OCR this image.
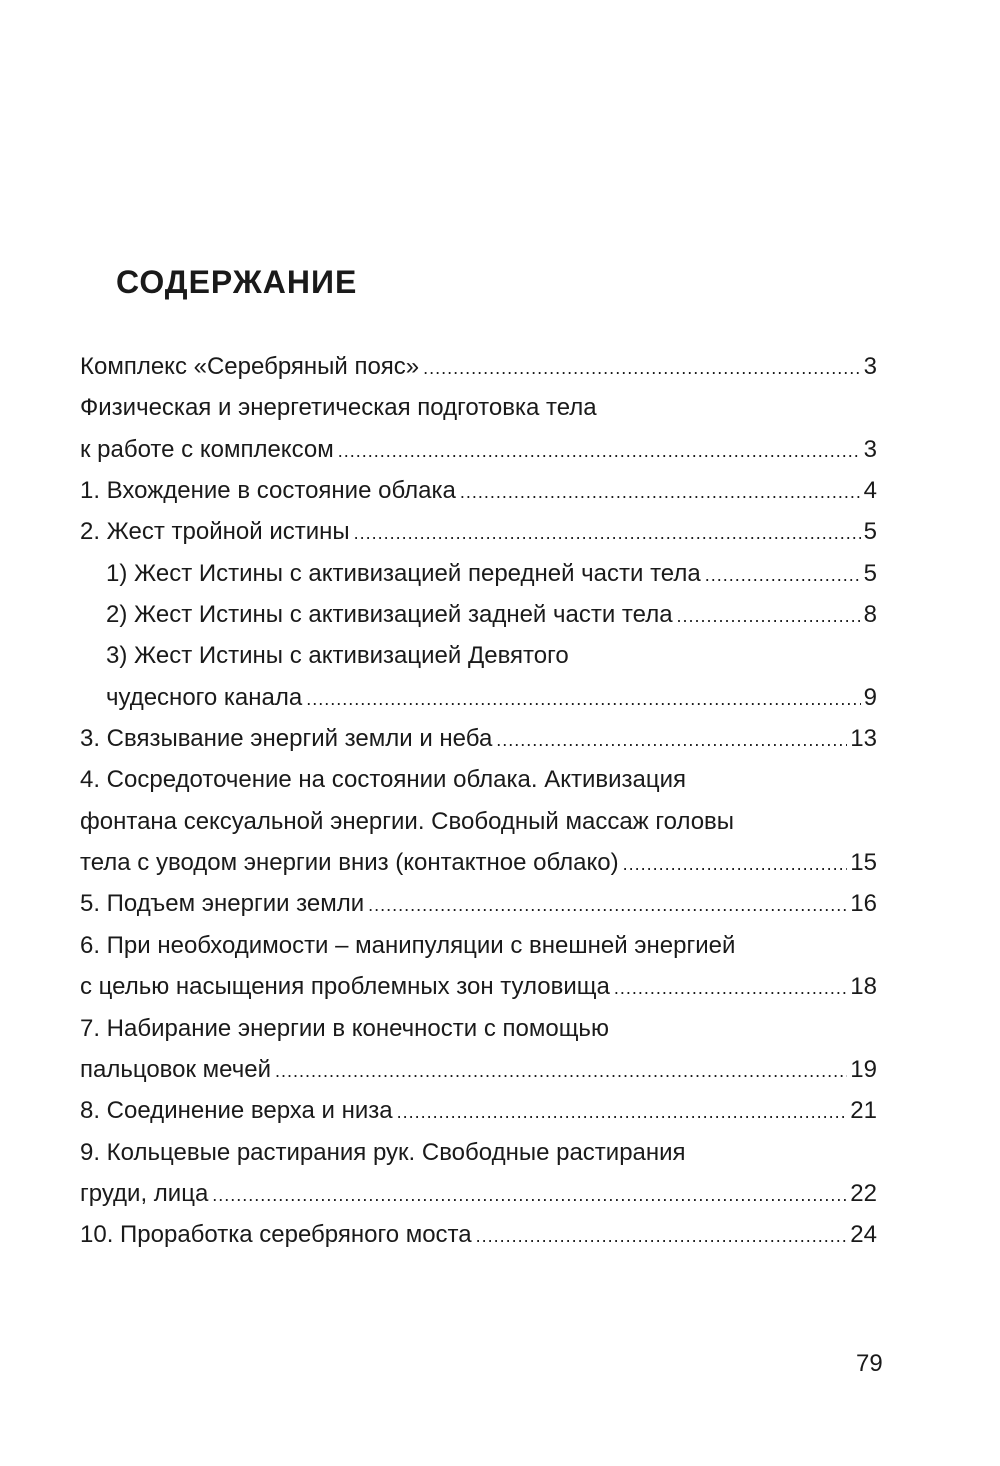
СОДЕРЖАНИЕ
Комплекс «Серебряный пояс» .....	3
Физическая и энергетическая подготовка тела
к работе с комплексом .....	3
1. Вхождение в состояние облака .....	4
2. Жест тройной истины .....	5
1) Жест Истины с активизацией передней части тела .....	5
2) Жест Истины с активизацией задней части тела .....	8
3) Жест Истины с активизацией Девятого
чудесного канала .....	9
3. Связывание энергий земли и неба .....	13
4. Сосредоточение на состоянии облака. Активизация
фонтана сексуальной энергии. Свободный массаж головы
тела с уводом энергии вниз (контактное облако) .....	15
5. Подъем энергии земли .....	16
6. При необходимости – манипуляции с внешней энергией
с целью насыщения проблемных зон туловища .....	18
7. Набирание энергии в конечности с помощью
пальцовок мечей .....	19
8. Соединение верха и низа .....	21
9. Кольцевые растирания рук. Свободные растирания
груди, лица .....	22
10. Проработка серебряного моста .....	24
79
